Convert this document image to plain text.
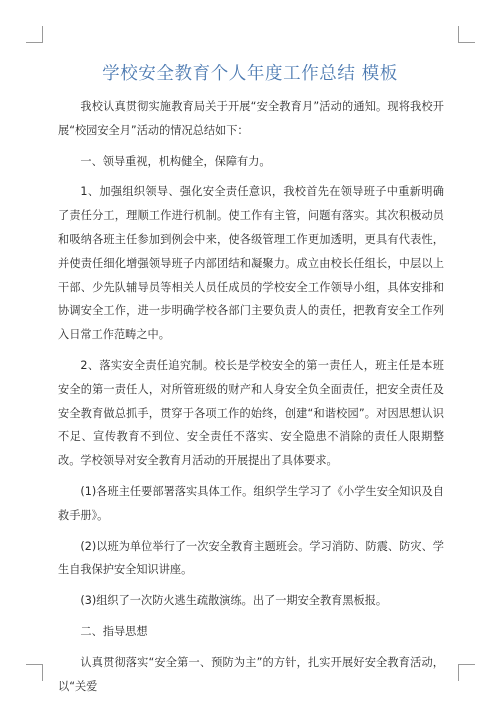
学校安全教育个人年度工作总结 模板

我校认真贯彻实施教育局关于开展“安全教育月”活动的通知。现将我校开展“校园安全月”活动的情况总结如下：

一、领导重视，机构健全，保障有力。

1、加强组织领导、强化安全责任意识，我校首先在领导班子中重新明确了责任分工，理顺工作进行机制。使工作有主管，问题有落实。其次积极动员和吸纳各班主任参加到例会中来，使各级管理工作更加透明，更具有代表性，并使责任细化增强领导班子内部团结和凝聚力。成立由校长任组长，中层以上干部、少先队辅导员等相关人员任成员的学校安全工作领导小组，具体安排和协调安全工作，进一步明确学校各部门主要负责人的责任，把教育安全工作列入日常工作范畴之中。

2、落实安全责任追究制。校长是学校安全的第一责任人，班主任是本班安全的第一责任人，对所管班级的财产和人身安全负全面责任，把安全责任及安全教育做总抓手，贯穿于各项工作的始终，创建“和谐校园”。对因思想认识不足、宣传教育不到位、安全责任不落实、安全隐患不消除的责任人限期整改。学校领导对安全教育月活动的开展提出了具体要求。

(1)各班主任要部署落实具体工作。组织学生学习了《小学生安全知识及自救手册》。

(2)以班为单位举行了一次安全教育主题班会。学习消防、防震、防灾、学生自我保护安全知识讲座。

(3)组织了一次防火逃生疏散演练。出了一期安全教育黑板报。

二、指导思想

认真贯彻落实“安全第一、预防为主”的方针，扎实开展好安全教育活动，以“关爱
